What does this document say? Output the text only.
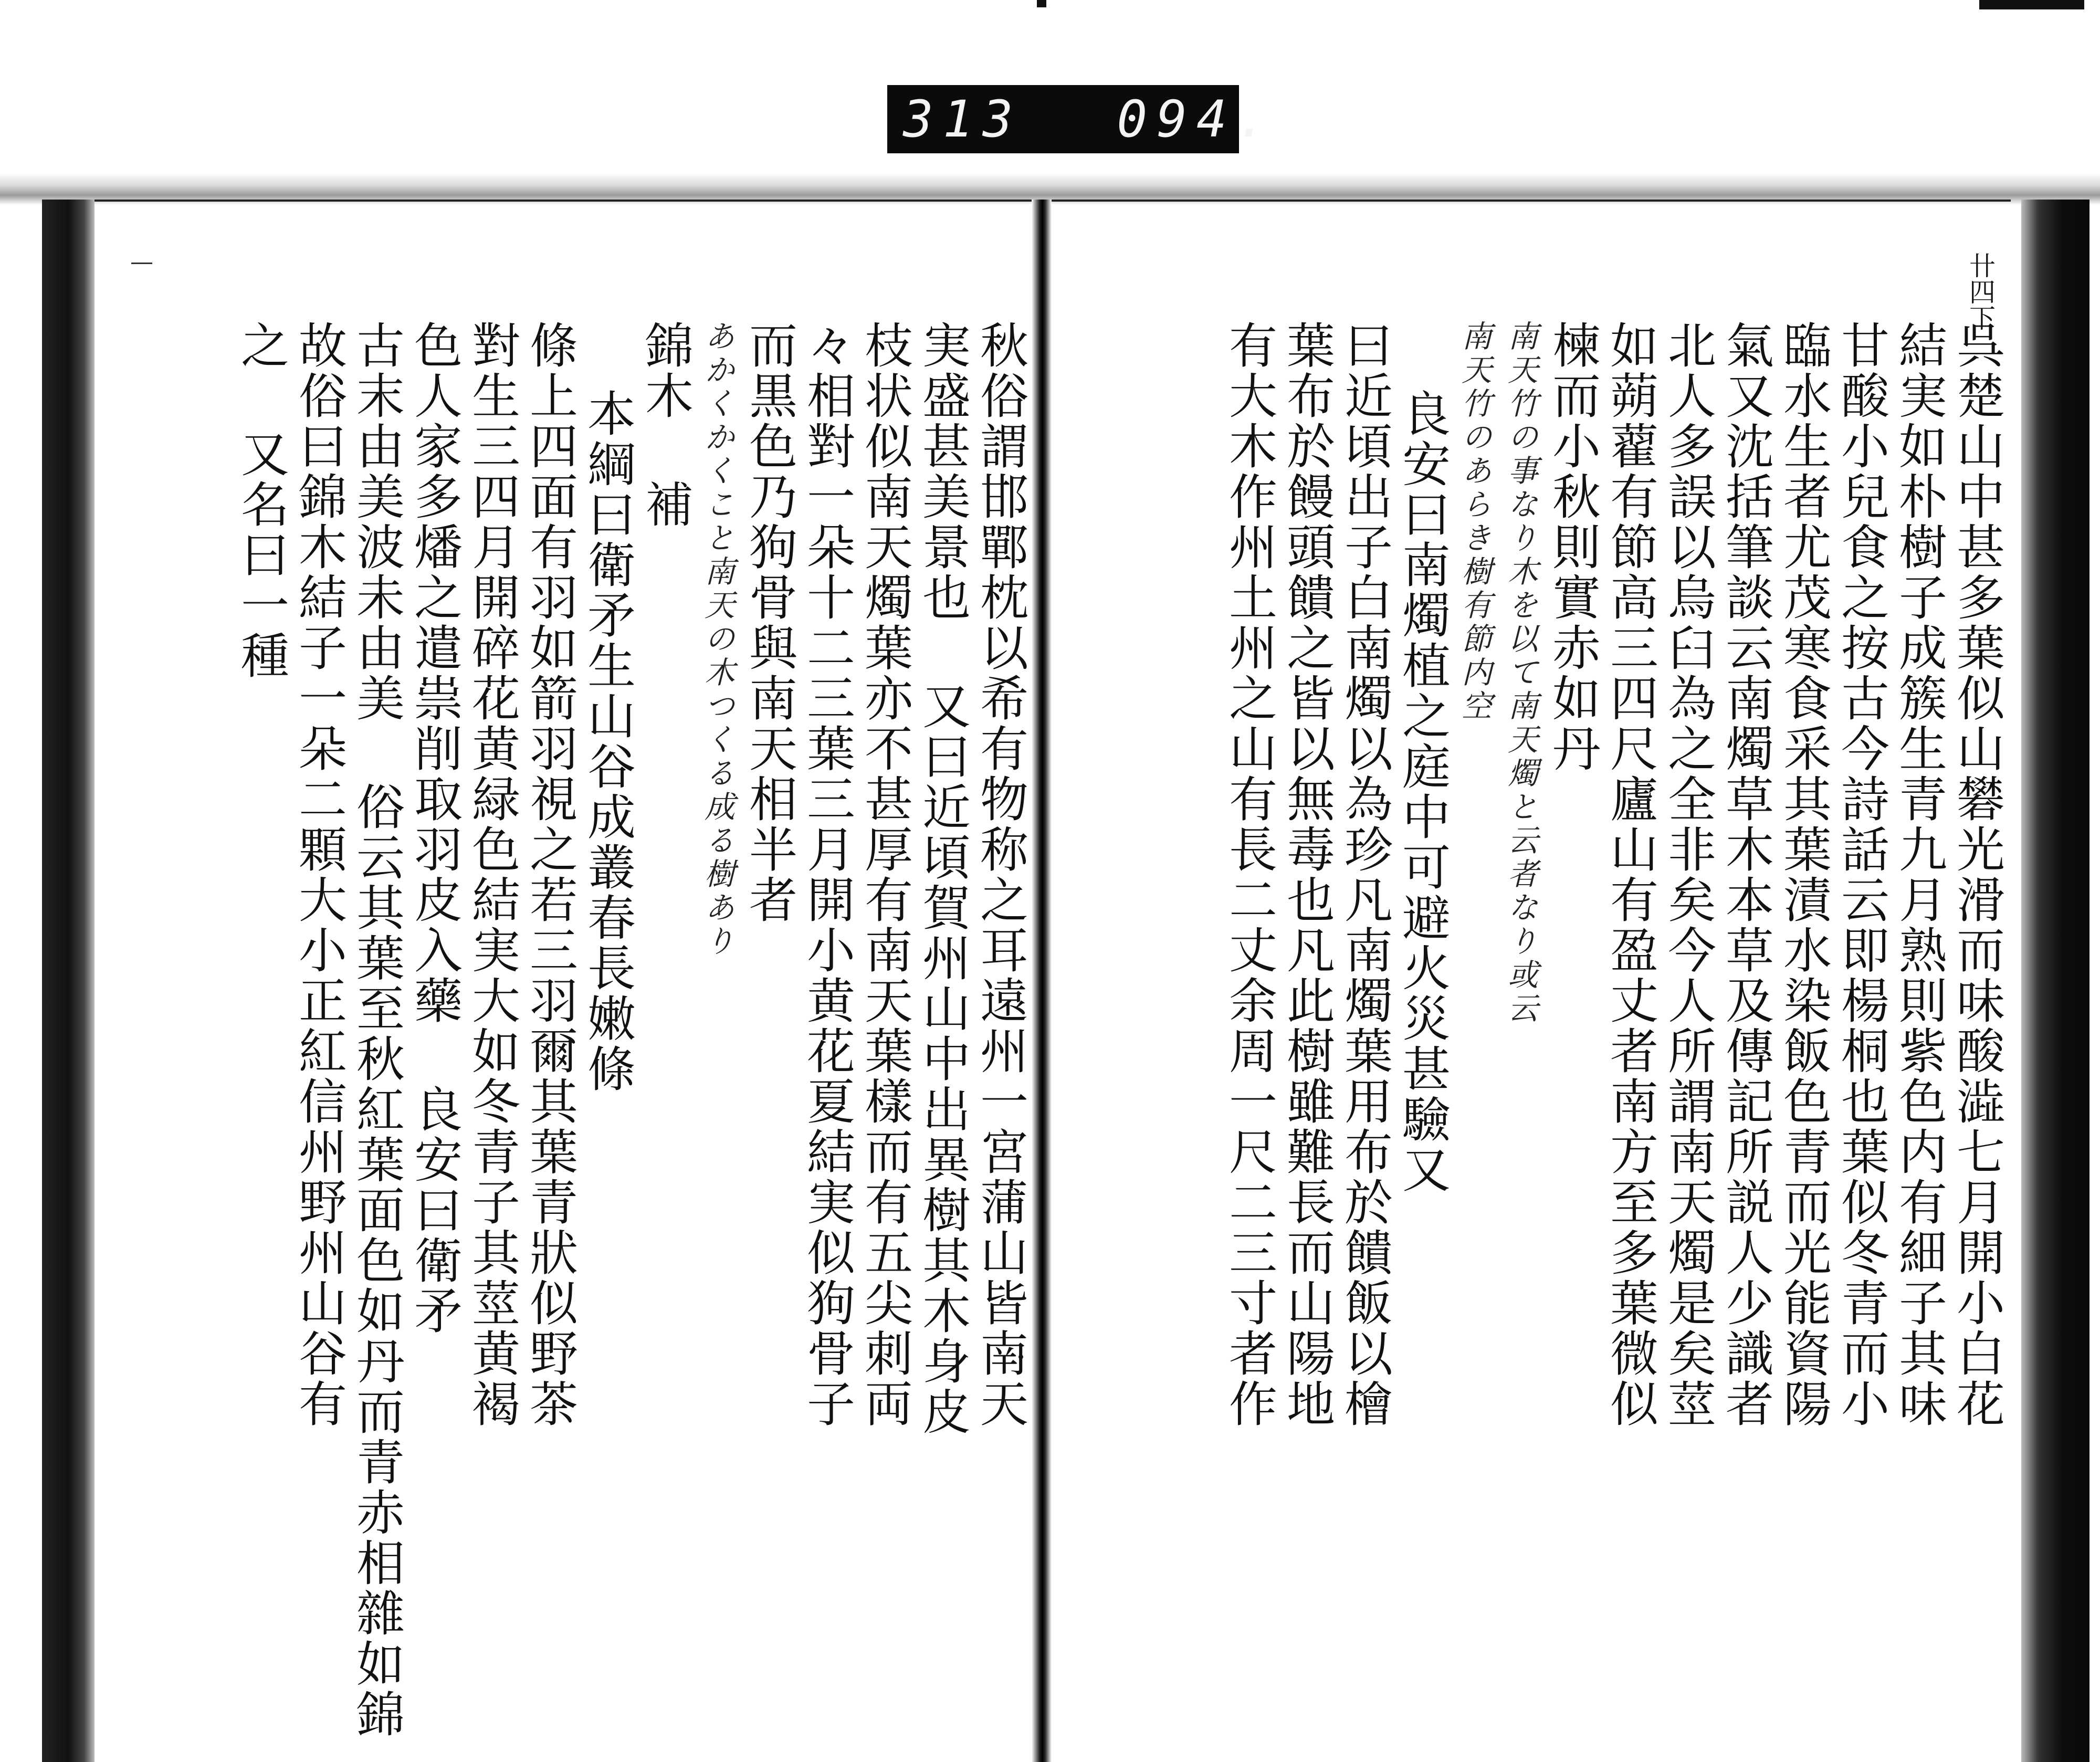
313 094.
卄四下
呉楚山中甚多葉似山礬光滑而味酸澁七月開小白花
結実如朴樹子成簇生青九月熟則紫色内有細子其味
甘酸小兒食之按古今詩話云即楊桐也葉似冬青而小
臨水生者尤茂寒食采其葉漬水染飯色青而光能資陽
氣又沈括筆談云南燭草木本草及傳記所説人少識者
北人多誤以烏臼為之全非矣今人所謂南天燭是矣莖
如蒴藋有節高三四尺廬山有盈丈者南方至多葉微似
楝而小秋則實赤如丹
南天竹の事なり木を以て南天燭と云者なり或云
南天竹のあらき樹有節内空
良安曰南燭植之庭中可避火災甚驗又
曰近頃出子白南燭以為珍凡南燭葉用布於饋飯以檜
葉布於饅頭饋之皆以無毒也凡此樹雖難長而山陽地
有大木作州土州之山有長二丈余周一尺二三寸者作
秋俗謂邯鄲枕以希有物称之耳遠州一宮蒲山皆南天
実盛甚美景也 又曰近頃賀州山中出異樹其木身皮
枝状似南天燭葉亦不甚厚有南天葉樣而有五尖刺両
々相對一朵十二三葉三月開小黄花夏結実似狗骨子
而黒色乃狗骨與南天相半者
あかくかくこと南天の木つくる成る樹あり
錦木 補
本綱曰衛矛生山谷成叢春長嫩條
條上四面有羽如箭羽視之若三羽爾其葉青狀似野茶
對生三四月開碎花黄緑色結実大如冬青子其莖黄褐
色人家多燔之遣祟削取羽皮入藥 良安曰衛矛
古末由美波未由美 俗云其葉至秋紅葉面色如丹而青赤相雜如錦
故俗曰錦木結子一朵二顆大小正紅信州野州山谷有
之 又名曰一種
